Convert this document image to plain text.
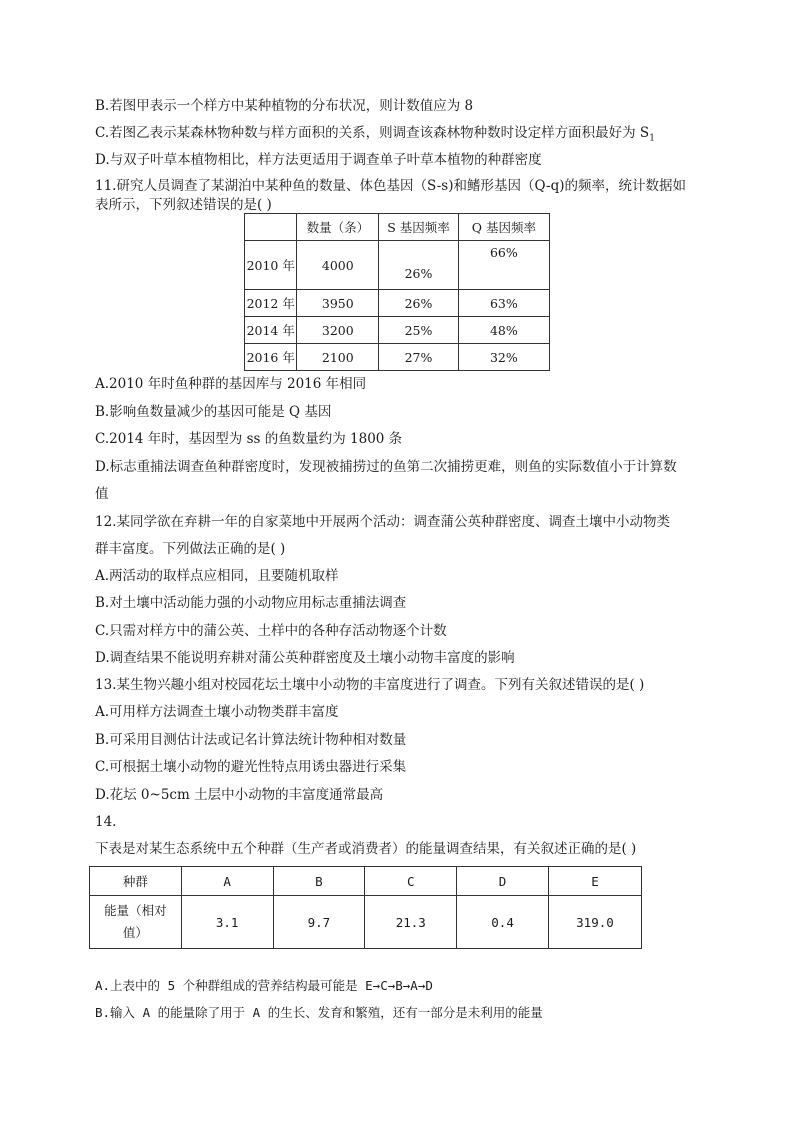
B.若图甲表示一个样方中某种植物的分布状况，则计数值应为 8
C.若图乙表示某森林物种数与样方面积的关系，则调查该森林物种数时设定样方面积最好为 $S_1$
D.与双子叶草本植物相比，样方法更适用于调查单子叶草本植物的种群密度
11.研究人员调查了某湖泊中某种鱼的数量、体色基因（S-s)和鳍形基因（Q-q)的频率，统计数据如
表所示，下列叙述错误的是( )
	数量（条）	S 基因频率	Q 基因频率
2010 年	4000	26%	66%
2012 年	3950	26%	63%
2014 年	3200	25%	48%
2016 年	2100	27%	32%
A.2010 年时鱼种群的基因库与 2016 年相同
B.影响鱼数量减少的基因可能是 Q 基因
C.2014 年时，基因型为 ss 的鱼数量约为 1800 条
D.标志重捕法调查鱼种群密度时，发现被捕捞过的鱼第二次捕捞更难，则鱼的实际数值小于计算数
值
12.某同学欲在弃耕一年的自家菜地中开展两个活动：调查蒲公英种群密度、调查土壤中小动物类
群丰富度。下列做法正确的是( )
A.两活动的取样点应相同，且要随机取样
B.对土壤中活动能力强的小动物应用标志重捕法调查
C.只需对样方中的蒲公英、土样中的各种存活动物逐个计数
D.调查结果不能说明弃耕对蒲公英种群密度及土壤小动物丰富度的影响
13.某生物兴趣小组对校园花坛土壤中小动物的丰富度进行了调查。下列有关叙述错误的是( )
A.可用样方法调查土壤小动物类群丰富度
B.可采用目测估计法或记名计算法统计物种相对数量
C.可根据土壤小动物的避光性特点用诱虫器进行采集
D.花坛 0~5cm 土层中小动物的丰富度通常最高
14.
下表是对某生态系统中五个种群（生产者或消费者）的能量调查结果，有关叙述正确的是( )
种群	A	B	C	D	E
能量（相对
值）	3.1	9.7	21.3	0.4	319.0
A.上表中的 5 个种群组成的营养结构最可能是 E→C→B→A→D
B.输入 A 的能量除了用于 A 的生长、发育和繁殖，还有一部分是未利用的能量
